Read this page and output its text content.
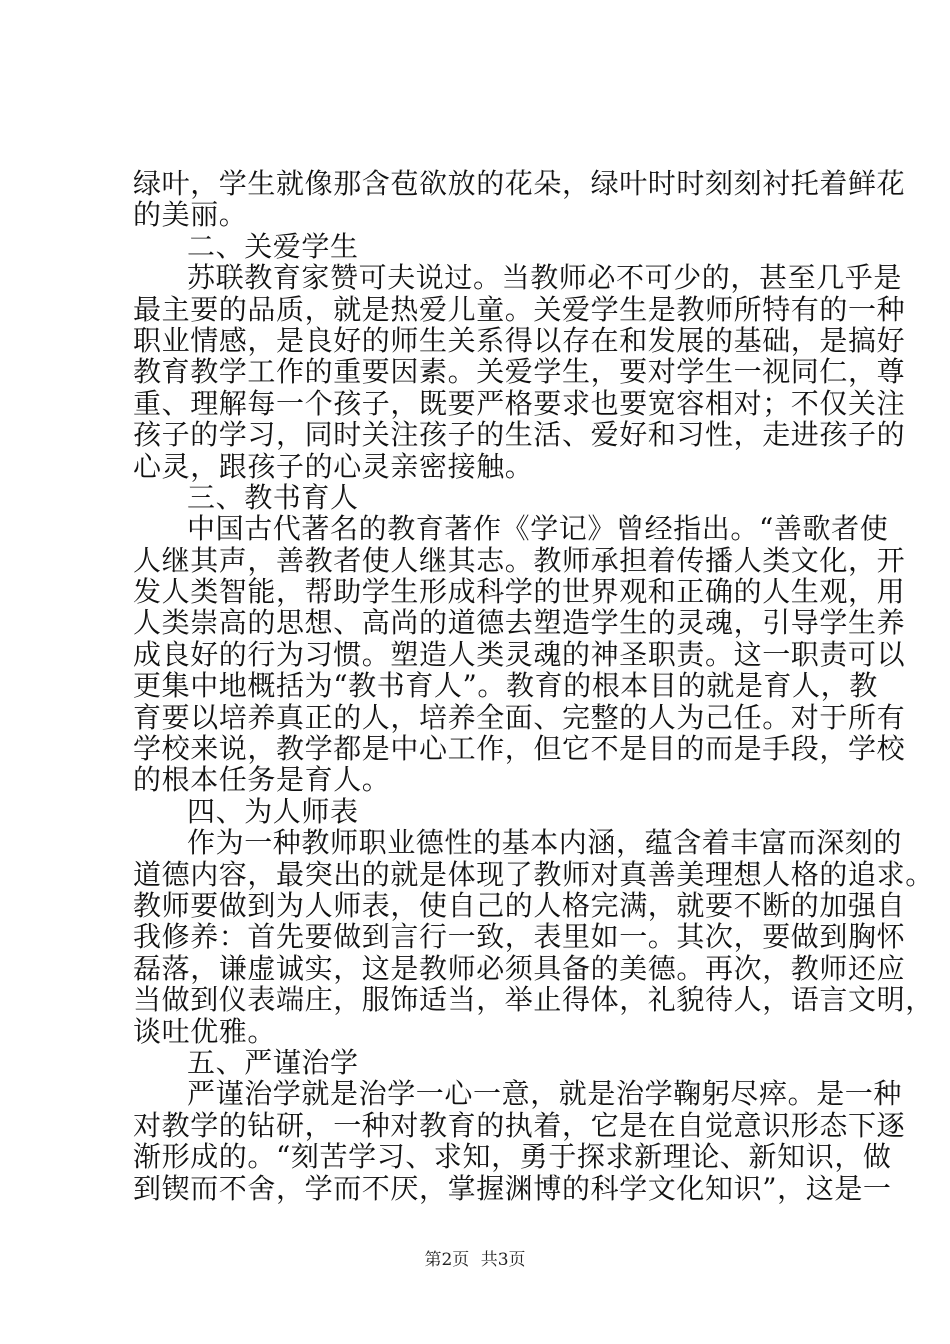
绿叶，学生就像那含苞欲放的花朵，绿叶时时刻刻衬托着鲜花
的美丽。
二、关爱学生
苏联教育家赞可夫说过。当教师必不可少的，甚至几乎是
最主要的品质，就是热爱儿童。关爱学生是教师所特有的一种
职业情感，是良好的师生关系得以存在和发展的基础，是搞好
教育教学工作的重要因素。关爱学生，要对学生一视同仁，尊
重、理解每一个孩子，既要严格要求也要宽容相对；不仅关注
孩子的学习，同时关注孩子的生活、爱好和习性，走进孩子的
心灵，跟孩子的心灵亲密接触。
三、教书育人
中国古代著名的教育著作《学记》曾经指出。“善歌者使
人继其声，善教者使人继其志。教师承担着传播人类文化，开
发人类智能，帮助学生形成科学的世界观和正确的人生观，用
人类崇高的思想、高尚的道德去塑造学生的灵魂，引导学生养
成良好的行为习惯。塑造人类灵魂的神圣职责。这一职责可以
更集中地概括为“教书育人”。教育的根本目的就是育人，教
育要以培养真正的人，培养全面、完整的人为己任。对于所有
学校来说，教学都是中心工作，但它不是目的而是手段，学校
的根本任务是育人。
四、为人师表
作为一种教师职业德性的基本内涵，蕴含着丰富而深刻的
道德内容，最突出的就是体现了教师对真善美理想人格的追求。
教师要做到为人师表，使自己的人格完满，就要不断的加强自
我修养：首先要做到言行一致，表里如一。其次，要做到胸怀
磊落，谦虚诚实，这是教师必须具备的美德。再次，教师还应
当做到仪表端庄，服饰适当，举止得体，礼貌待人，语言文明，
谈吐优雅。
五、严谨治学
严谨治学就是治学一心一意，就是治学鞠躬尽瘁。是一种
对教学的钻研，一种对教育的执着，它是在自觉意识形态下逐
渐形成的。“刻苦学习、求知，勇于探求新理论、新知识，做
到锲而不舍，学而不厌，掌握渊博的科学文化知识”，这是一
第2页 共3页
